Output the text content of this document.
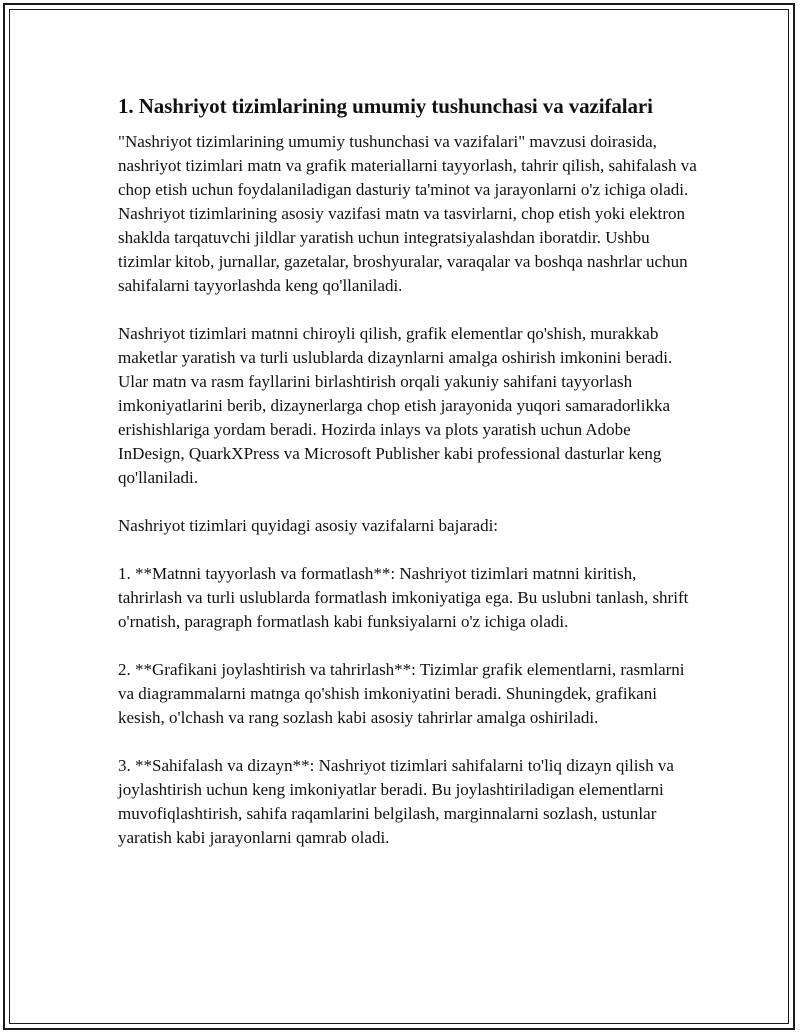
1. Nashriyot tizimlarining umumiy tushunchasi va vazifalari

"Nashriyot tizimlarining umumiy tushunchasi va vazifalari" mavzusi doirasida, nashriyot tizimlari matn va grafik materiallarni tayyorlash, tahrir qilish, sahifalash va chop etish uchun foydalaniladigan dasturiy ta'minot va jarayonlarni o'z ichiga oladi. Nashriyot tizimlarining asosiy vazifasi matn va tasvirlarni, chop etish yoki elektron shaklda tarqatuvchi jildlar yaratish uchun integratsiyalashdan iboratdir. Ushbu tizimlar kitob, jurnallar, gazetalar, broshyuralar, varaqalar va boshqa nashrlar uchun sahifalarni tayyorlashda keng qo'llaniladi.

Nashriyot tizimlari matnni chiroyli qilish, grafik elementlar qo'shish, murakkab maketlar yaratish va turli uslublarda dizaynlarni amalga oshirish imkonini beradi. Ular matn va rasm fayllarini birlashtirish orqali yakuniy sahifani tayyorlash imkoniyatlarini berib, dizaynerlarga chop etish jarayonida yuqori samaradorlikka erishishlariga yordam beradi. Hozirda inlays va plots yaratish uchun Adobe InDesign, QuarkXPress va Microsoft Publisher kabi professional dasturlar keng qo'llaniladi.

Nashriyot tizimlari quyidagi asosiy vazifalarni bajaradi:

1. **Matnni tayyorlash va formatlash**: Nashriyot tizimlari matnni kiritish, tahrirlash va turli uslublarda formatlash imkoniyatiga ega. Bu uslubni tanlash, shrift o'rnatish, paragraph formatlash kabi funksiyalarni o'z ichiga oladi.

2. **Grafikani joylashtirish va tahrirlash**: Tizimlar grafik elementlarni, rasmlarni va diagrammalarni matnga qo'shish imkoniyatini beradi. Shuningdek, grafikani kesish, o'lchash va rang sozlash kabi asosiy tahrirlar amalga oshiriladi.

3. **Sahifalash va dizayn**: Nashriyot tizimlari sahifalarni to'liq dizayn qilish va joylashtirish uchun keng imkoniyatlar beradi. Bu joylashtiriladigan elementlarni muvofiqlashtirish, sahifa raqamlarini belgilash, marginnalarni sozlash, ustunlar yaratish kabi jarayonlarni qamrab oladi.
